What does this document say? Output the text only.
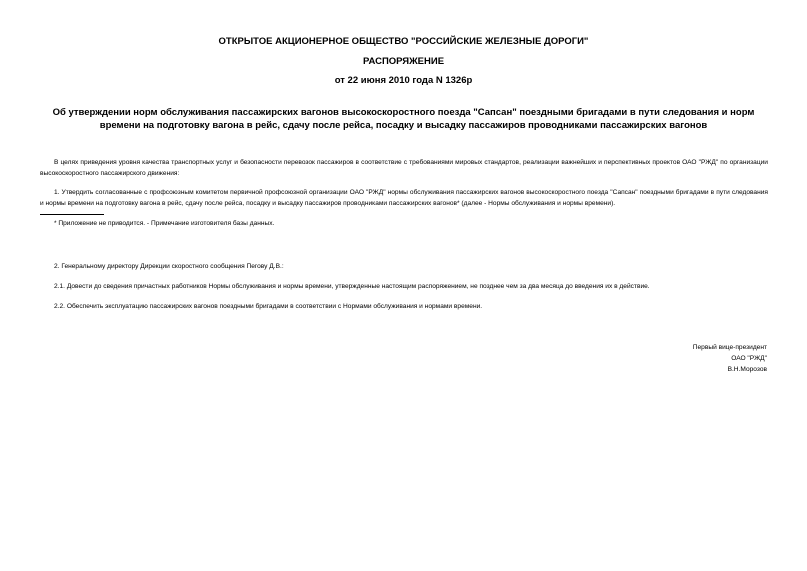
ОТКРЫТОЕ АКЦИОНЕРНОЕ ОБЩЕСТВО "РОССИЙСКИЕ ЖЕЛЕЗНЫЕ ДОРОГИ"
РАСПОРЯЖЕНИЕ
от 22 июня 2010 года N 1326р
Об утверждении норм обслуживания пассажирских вагонов высокоскоростного поезда "Сапсан" поездными бригадами в пути следования и норм времени на подготовку вагона в рейс, сдачу после рейса, посадку и высадку пассажиров проводниками пассажирских вагонов
В целях приведения уровня качества транспортных услуг и безопасности перевозок пассажиров в соответствие с требованиями мировых стандартов, реализации важнейших и перспективных проектов ОАО "РЖД" по организации высокоскоростного пассажирского движения:
1. Утвердить согласованные с профсоюзным комитетом первичной профсоюзной организации ОАО "РЖД" нормы обслуживания пассажирских вагонов высокоскоростного поезда "Сапсан" поездными бригадами в пути следования и нормы времени на подготовку вагона в рейс, сдачу после рейса, посадку и высадку пассажиров проводниками пассажирских вагонов* (далее - Нормы обслуживания и нормы времени).
* Приложение не приводится. - Примечание изготовителя базы данных.
2. Генеральному директору Дирекции скоростного сообщения Пегову Д.В.:
2.1. Довести до сведения причастных работников Нормы обслуживания и нормы времени, утвержденные настоящим распоряжением, не позднее чем за два месяца до введения их в действие.
2.2. Обеспечить эксплуатацию пассажирских вагонов поездными бригадами в соответствии с Нормами обслуживания и нормами времени.
Первый вице-президент
ОАО "РЖД"
В.Н.Морозов
